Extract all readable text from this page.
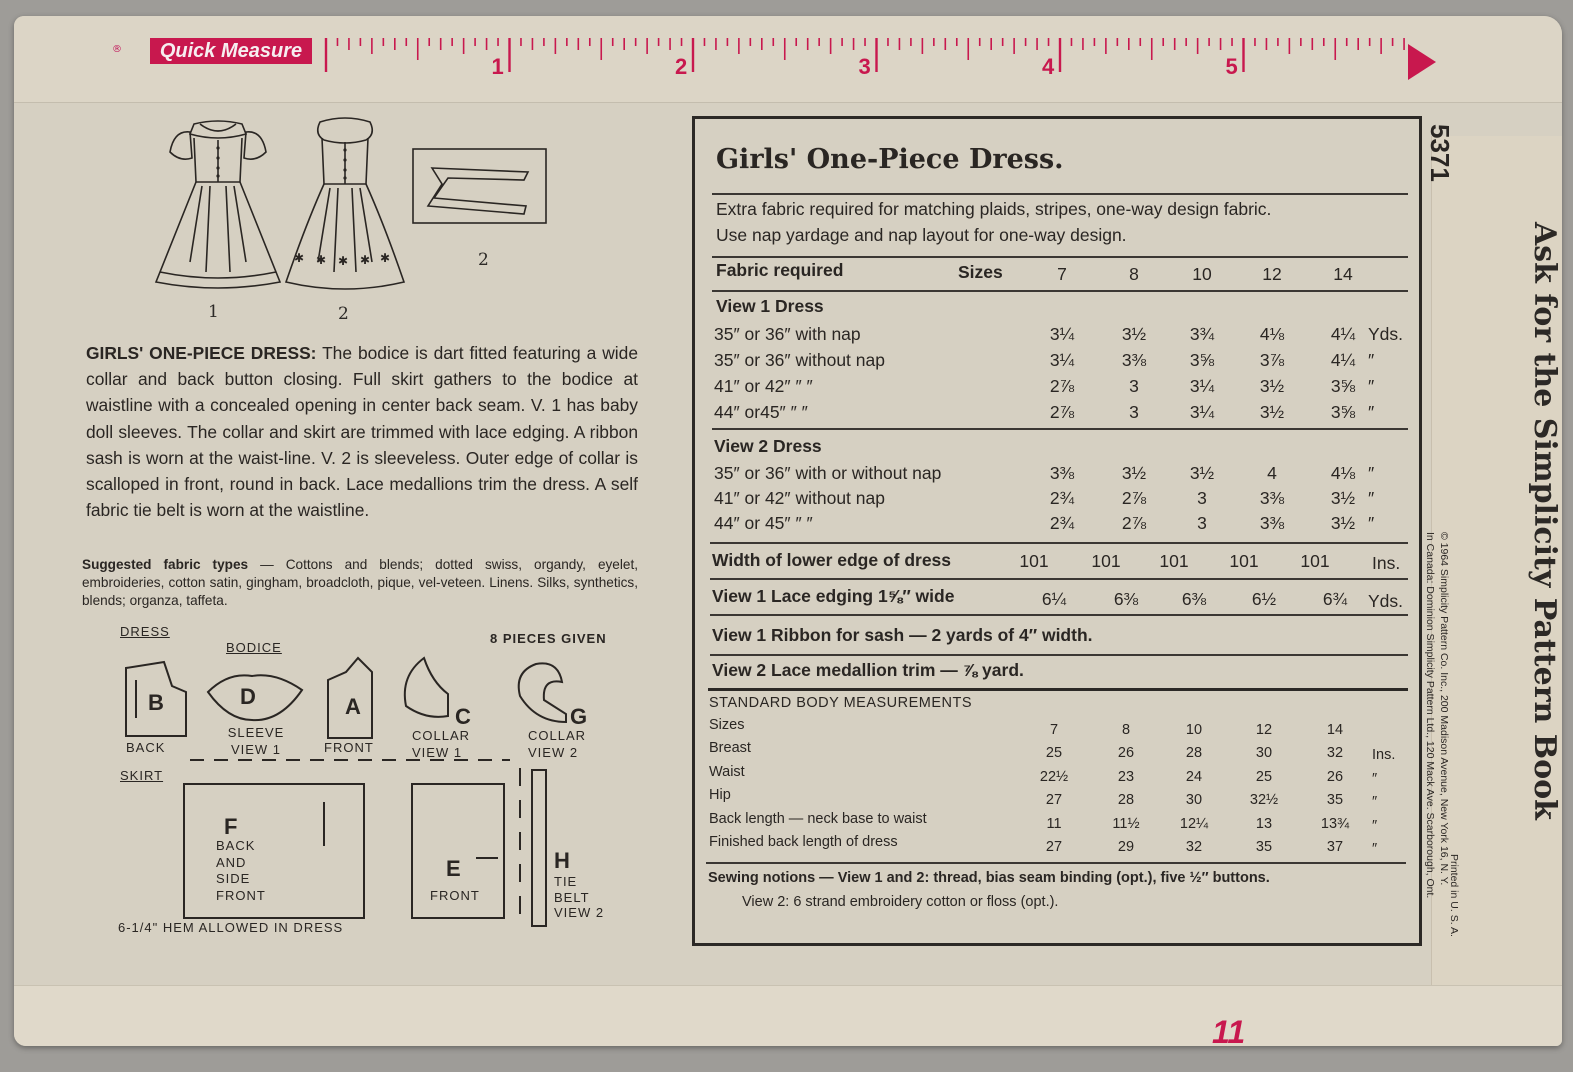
®	Quick Measure
1	2	3	4	5	6
✱ ✱ ✱ ✱ ✱
1	2
2
GIRLS' ONE-PIECE DRESS: The bodice is dart fitted featuring a wide collar and back button closing. Full skirt gathers to the bodice at waistline with a concealed opening in center back seam. V. 1 has baby doll sleeves. The collar and skirt are trimmed with lace edging. A ribbon sash is worn at the waist-line. V. 2 is sleeveless. Outer edge of collar is scalloped in front, round in back. Lace medallions trim the dress. A self fabric tie belt is worn at the waistline.
Suggested fabric types — Cottons and blends; dotted swiss, organdy, eyelet, embroideries, cotton satin, gingham, broadcloth, pique, vel-veteen. Linens. Silks, synthetics, blends; organza, taffeta.
DRESS
BODICE
8 PIECES GIVEN
SKIRT
6-1/4" HEM ALLOWED IN DRESS
B
BACK
D
SLEEVE VIEW 1
A
FRONT
C
COLLAR VIEW 1
G
COLLAR VIEW 2
F
BACK AND SIDE FRONT
E
FRONT
H
TIE BELT VIEW 2
Girls' One-Piece Dress.
Extra fabric required for matching plaids, stripes, one-way design fabric.
Use nap yardage and nap layout for one-way design.
Fabric required	Sizes	7	8	10	12	14
View 1 Dress
35″ or 36″ with nap	3¼	3½	3¾	4⅛	4¼ Yds.
35″ or 36″ without nap	3¼	3⅜	3⅝	3⅞	4¼ ″
41″ or 42″ ″ ″	2⅞	3	3¼	3½	3⅝ ″
44″ or45″ ″ ″	2⅞	3	3¼	3½	3⅝ ″
View 2 Dress
35″ or 36″ with or without nap	3⅜	3½	3½	4	4⅛ ″
41″ or 42″ without nap	2¾	2⅞	3	3⅜	3½ ″
44″ or 45″ ″ ″	2¾	2⅞	3	3⅜	3½ ″
Width of lower edge of dress	101	101	101	101	101	Ins.
View 1 Lace edging 1⅝″ wide	6¼	6⅜	6⅜	6½	6¾	Yds.
View 1 Ribbon for sash — 2 yards of 4″ width.
View 2 Lace medallion trim — ⅞ yard.
STANDARD BODY MEASUREMENTS
Sizes	7	8	10	12	14
Breast	25	26	28	30	32	Ins.
Waist	22½	23	24	25	26	″
Hip	27	28	30	32½	35	″
Back length — neck base to waist	11	11½	12¼	13	13¾	″
Finished back length of dress	27	29	32	35	37	″
Sewing notions — View 1 and 2: thread, bias seam binding (opt.), five ½″ buttons.
View 2: 6 strand embroidery cotton or floss (opt.).
5371
Ask for the Simplicity Pattern Book
© 1964 Simplicity Pattern Co. Inc., 200 Madison Avenue, New York 16, N. Y.
In Canada: Dominion Simplicity Pattern Ltd., 120 Mack Ave. Scarborough, Ont. Printed in U. S. A.
11
